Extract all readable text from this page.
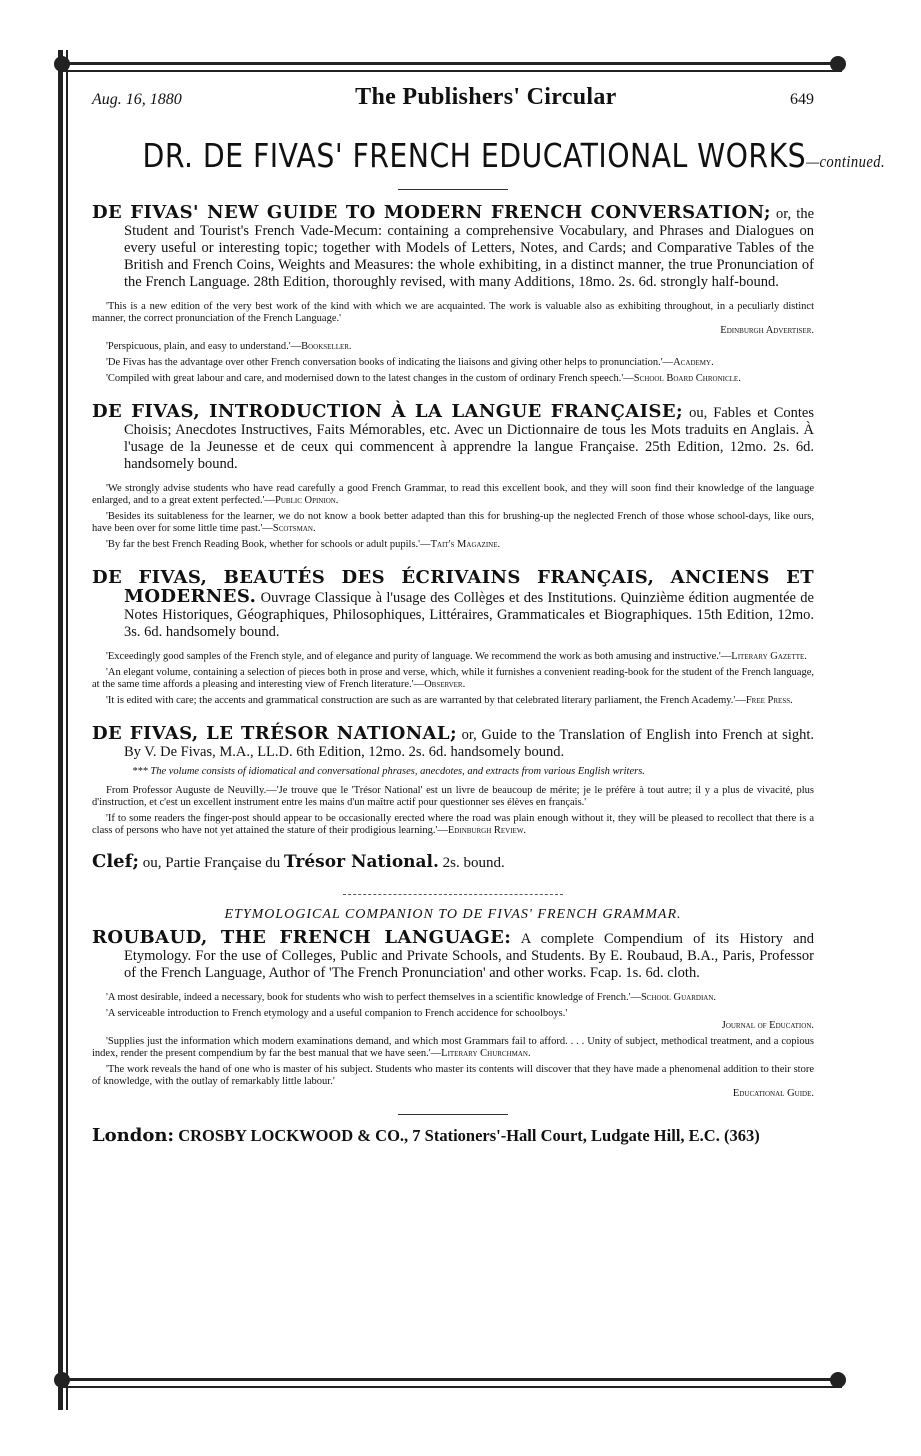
Aug. 16, 1880	The Publishers' Circular	649
DR. DE FIVAS' FRENCH EDUCATIONAL WORKS—continued.
DE FIVAS' NEW GUIDE TO MODERN FRENCH CONVERSATION; or, the Student and Tourist's French Vade-Mecum: containing a comprehensive Vocabulary, and Phrases and Dialogues on every useful or interesting topic; together with Models of Letters, Notes, and Cards; and Comparative Tables of the British and French Coins, Weights and Measures: the whole exhibiting, in a distinct manner, the true Pronunciation of the French Language. 28th Edition, thoroughly revised, with many Additions, 18mo. 2s. 6d. strongly half-bound.
'This is a new edition of the very best work of the kind with which we are acquainted. The work is valuable also as exhibiting throughout, in a peculiarly distinct manner, the correct pronunciation of the French Language.'
Edinburgh Advertiser.
'Perspicuous, plain, and easy to understand.'—Bookseller.
'De Fivas has the advantage over other French conversation books of indicating the liaisons and giving other helps to pronunciation.'—Academy.
'Compiled with great labour and care, and modernised down to the latest changes in the custom of ordinary French speech.'—School Board Chronicle.
DE FIVAS, INTRODUCTION À LA LANGUE FRANÇAISE; ou, Fables et Contes Choisis; Anecdotes Instructives, Faits Mémorables, etc. Avec un Dictionnaire de tous les Mots traduits en Anglais. À l'usage de la Jeunesse et de ceux qui commencent à apprendre la langue Française. 25th Edition, 12mo. 2s. 6d. handsomely bound.
'We strongly advise students who have read carefully a good French Grammar, to read this excellent book, and they will soon find their knowledge of the language enlarged, and to a great extent perfected.'—Public Opinion.
'Besides its suitableness for the learner, we do not know a book better adapted than this for brushing-up the neglected French of those whose school-days, like ours, have been over for some little time past.'—Scotsman.
'By far the best French Reading Book, whether for schools or adult pupils.'—Tait's Magazine.
DE FIVAS, BEAUTÉS DES ÉCRIVAINS FRANÇAIS, ANCIENS ET MODERNES. Ouvrage Classique à l'usage des Collèges et des Institutions. Quinzième édition augmentée de Notes Historiques, Géographiques, Philosophiques, Littéraires, Grammaticales et Biographiques. 15th Edition, 12mo. 3s. 6d. handsomely bound.
'Exceedingly good samples of the French style, and of elegance and purity of language. We recommend the work as both amusing and instructive.'—Literary Gazette.
'An elegant volume, containing a selection of pieces both in prose and verse, which, while it furnishes a convenient reading-book for the student of the French language, at the same time affords a pleasing and interesting view of French literature.'—Observer.
'It is edited with care; the accents and grammatical construction are such as are warranted by that celebrated literary parliament, the French Academy.'—Free Press.
DE FIVAS, LE TRÉSOR NATIONAL; or, Guide to the Translation of English into French at sight. By V. De Fivas, M.A., LL.D. 6th Edition, 12mo. 2s. 6d. handsomely bound.
*** The volume consists of idiomatical and conversational phrases, anecdotes, and extracts from various English writers.
From Professor Auguste de Neuvilly.—'Je trouve que le 'Trésor National' est un livre de beaucoup de mérite; je le préfère à tout autre; il y a plus de vivacité, plus d'instruction, et c'est un excellent instrument entre les mains d'un maître actif pour questionner ses élèves en français.'
'If to some readers the finger-post should appear to be occasionally erected where the road was plain enough without it, they will be pleased to recollect that there is a class of persons who have not yet attained the stature of their prodigious learning.'—Edinburgh Review.
Clef; ou, Partie Française du Trésor National. 2s. bound.
ETYMOLOGICAL COMPANION TO DE FIVAS' FRENCH GRAMMAR.
ROUBAUD, THE FRENCH LANGUAGE: A complete Compendium of its History and Etymology. For the use of Colleges, Public and Private Schools, and Students. By E. Roubaud, B.A., Paris, Professor of the French Language, Author of 'The French Pronunciation' and other works. Fcap. 1s. 6d. cloth.
'A most desirable, indeed a necessary, book for students who wish to perfect themselves in a scientific knowledge of French.'—School Guardian.
'A serviceable introduction to French etymology and a useful companion to French accidence for schoolboys.'
Journal of Education.
'Supplies just the information which modern examinations demand, and which most Grammars fail to afford. . . . Unity of subject, methodical treatment, and a copious index, render the present compendium by far the best manual that we have seen.'—Literary Churchman.
'The work reveals the hand of one who is master of his subject. Students who master its contents will discover that they have made a phenomenal addition to their store of knowledge, with the outlay of remarkably little labour.'
Educational Guide.
London: CROSBY LOCKWOOD & CO., 7 Stationers'-Hall Court, Ludgate Hill, E.C. (363)
